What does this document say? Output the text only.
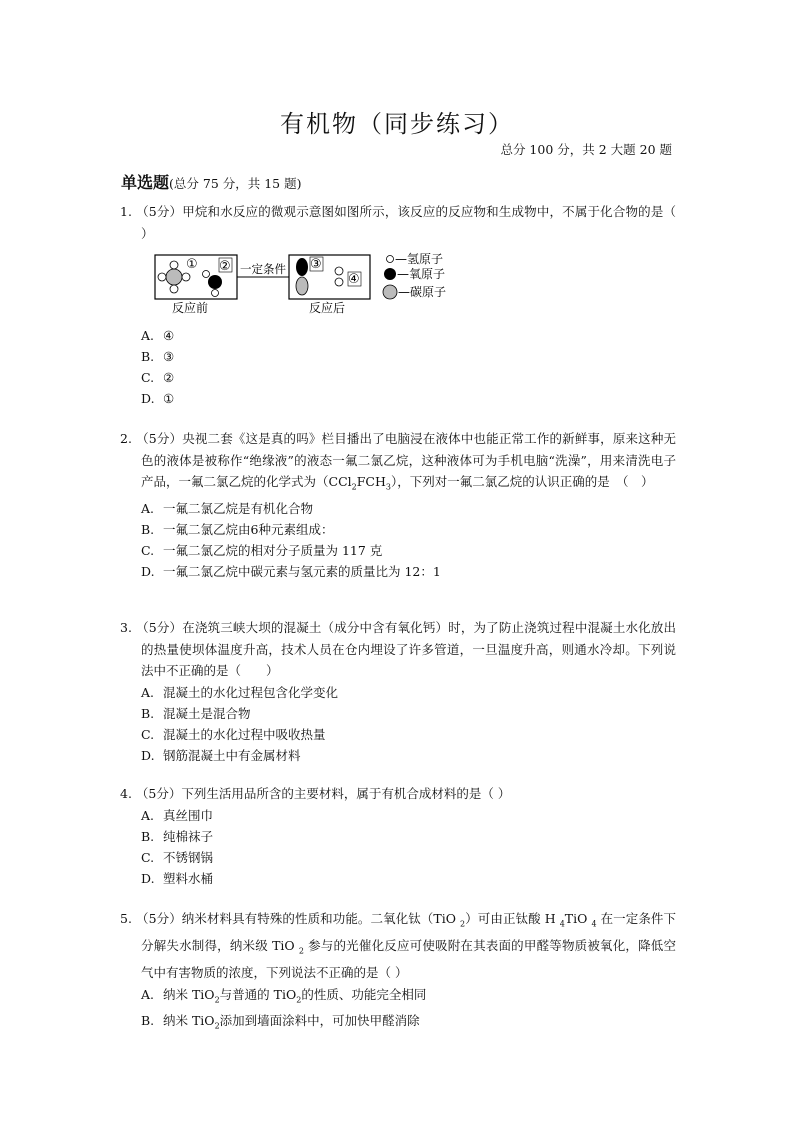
有机物（同步练习）
总分 100 分，共 2 大题 20 题
单选题(总分 75 分，共 15 题)
1. （5分）甲烷和水反应的微观示意图如图所示，该反应的反应物和生成物中，不属于化合物的是（ ）
① ② 一定条件 ③
④
反应前	反应后
—氢原子
—氧原子
—碳原子
A. ④
B. ③
C. ②
D. ①
2. （5分）央视二套《这是真的吗》栏目播出了电脑浸在液体中也能正常工作的新鲜事，原来这种无色的液体是被称作“绝缘液”的液态一氟二氯乙烷，这种液体可为手机电脑“洗澡”，用来清洗电子产品，一氟二氯乙烷的化学式为$(CCl_2FCH_3)$，下列对一氟二氯乙烷的认识正确的是　（　）
A. 一氟二氯乙烷是有机化合物
B. 一氟二氯乙烷由6种元素组成：
C. 一氟二氯乙烷的相对分子质量为 117 克
D. 一氟二氯乙烷中碳元素与氢元素的质量比为 12：1
3. （5分）在浇筑三峡大坝的混凝土（成分中含有氧化钙）时，为了防止浇筑过程中混凝土水化放出的热量使坝体温度升高，技术人员在仓内埋设了许多管道，一旦温度升高，则通水冷却。下列说法中不正确的是（　　）
A. 混凝土的水化过程包含化学变化
B. 混凝土是混合物
C. 混凝土的水化过程中吸收热量
D. 钢筋混凝土中有金属材料
4. （5分）下列生活用品所含的主要材料，属于有机合成材料的是（ ）
A. 真丝围巾
B. 纯棉袜子
C. 不锈钢锅
D. 塑料水桶
5. （5分）纳米材料具有特殊的性质和功能。二氧化钛（TiO $_2$）可由正钛酸 H $_4$TiO $_4$ 在一定条件下分解失水制得，纳米级 TiO $_2$ 参与的光催化反应可使吸附在其表面的甲醛等物质被氧化，降低空气中有害物质的浓度，下列说法不正确的是（ ）
A. 纳米 TiO$_2$与普通的 TiO$_2$的性质、功能完全相同
B. 纳米 TiO$_2$添加到墙面涂料中，可加快甲醛消除
